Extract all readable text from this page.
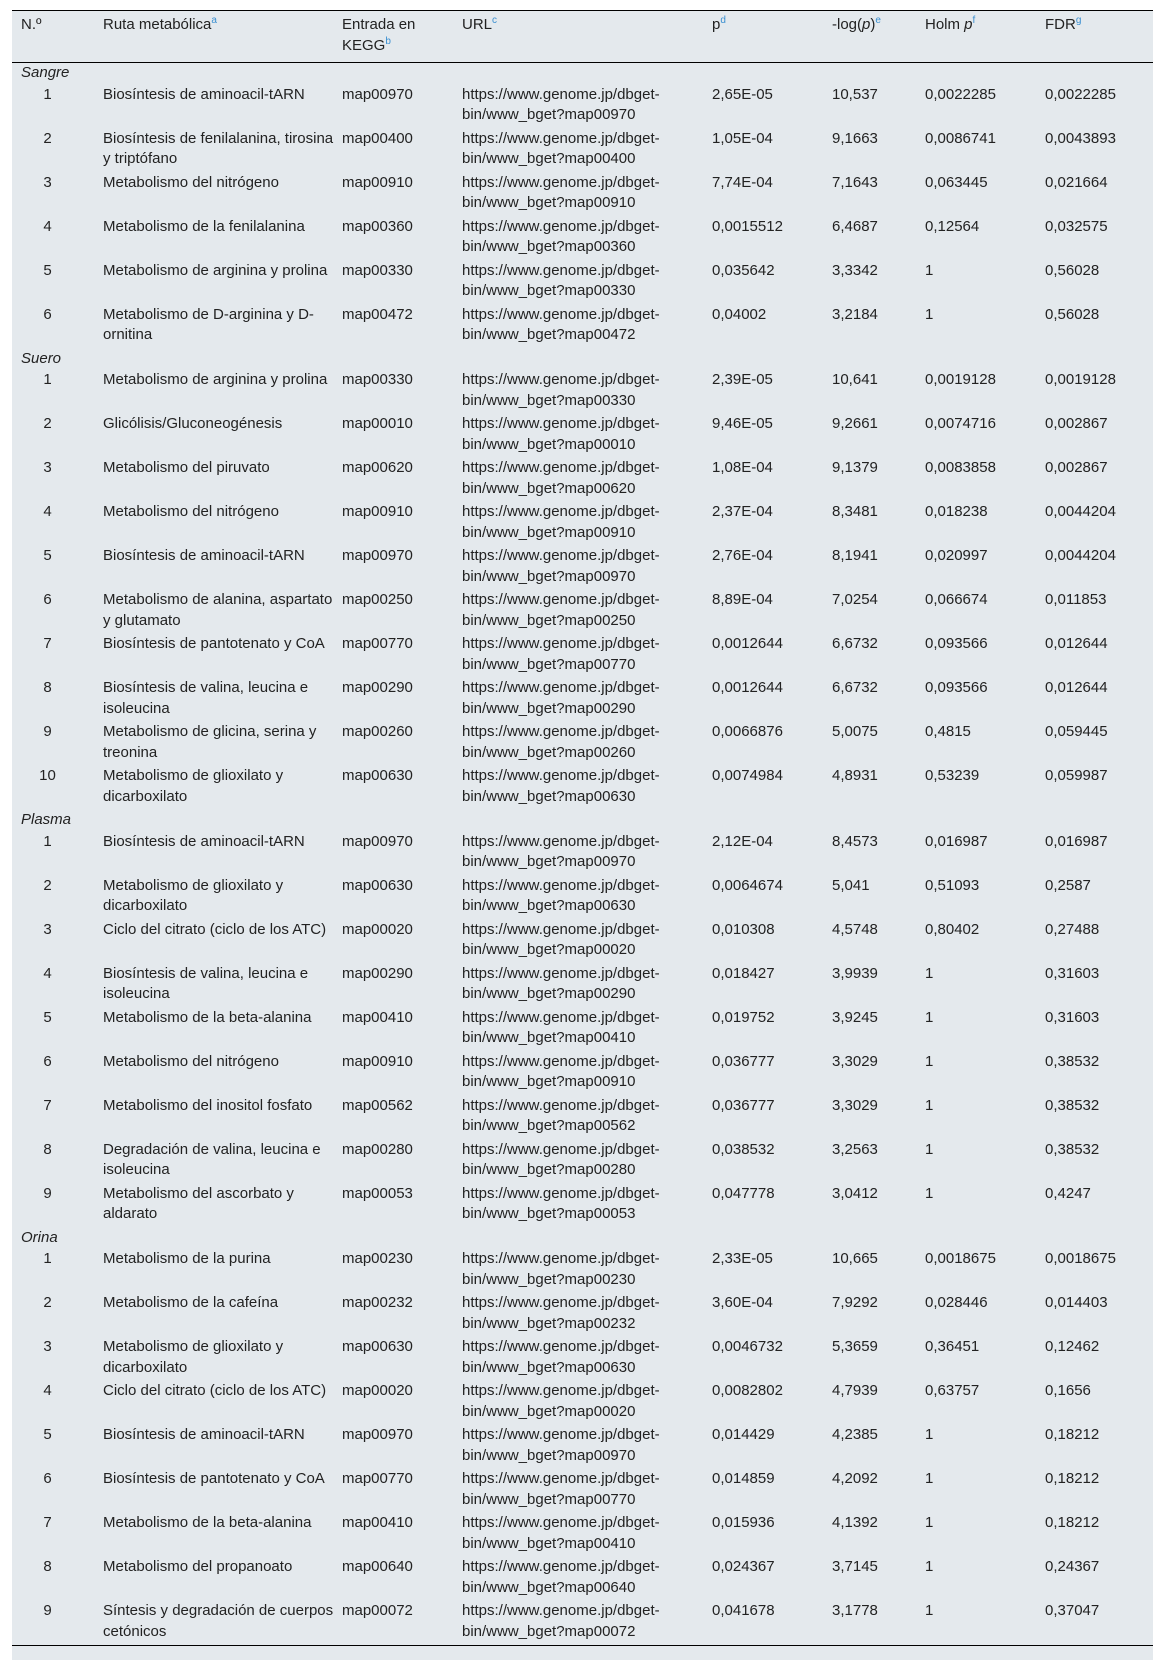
N.º	Ruta metabólica$^a$	Entrada en
KEGG$^b$	URL$^c$	$p^d$	$-\log(p)^e$	Holm $p^f$	FDR$^g$
Sangre							
1	Biosíntesis de aminoacil-tARN	map00970	https://www.genome.jp/dbget-bin/www_bget?map00970	2,65E-05	10,537	0,0022285	0,0022285
2	Biosíntesis de fenilalanina, tirosina y triptófano	map00400	https://www.genome.jp/dbget-bin/www_bget?map00400	1,05E-04	9,1663	0,0086741	0,0043893
3	Metabolismo del nitrógeno	map00910	https://www.genome.jp/dbget-bin/www_bget?map00910	7,74E-04	7,1643	0,063445	0,021664
4	Metabolismo de la fenilalanina	map00360	https://www.genome.jp/dbget-bin/www_bget?map00360	0,0015512	6,4687	0,12564	0,032575
5	Metabolismo de arginina y prolina	map00330	https://www.genome.jp/dbget-bin/www_bget?map00330	0,035642	3,3342	1	0,56028
6	Metabolismo de D-arginina y D-ornitina	map00472	https://www.genome.jp/dbget-bin/www_bget?map00472	0,04002	3,2184	1	0,56028
Suero							
1	Metabolismo de arginina y prolina	map00330	https://www.genome.jp/dbget-bin/www_bget?map00330	2,39E-05	10,641	0,0019128	0,0019128
2	Glicólisis/Gluconeogénesis	map00010	https://www.genome.jp/dbget-bin/www_bget?map00010	9,46E-05	9,2661	0,0074716	0,002867
3	Metabolismo del piruvato	map00620	https://www.genome.jp/dbget-bin/www_bget?map00620	1,08E-04	9,1379	0,0083858	0,002867
4	Metabolismo del nitrógeno	map00910	https://www.genome.jp/dbget-bin/www_bget?map00910	2,37E-04	8,3481	0,018238	0,0044204
5	Biosíntesis de aminoacil-tARN	map00970	https://www.genome.jp/dbget-bin/www_bget?map00970	2,76E-04	8,1941	0,020997	0,0044204
6	Metabolismo de alanina, aspartato y glutamato	map00250	https://www.genome.jp/dbget-bin/www_bget?map00250	8,89E-04	7,0254	0,066674	0,011853
7	Biosíntesis de pantotenato y CoA	map00770	https://www.genome.jp/dbget-bin/www_bget?map00770	0,0012644	6,6732	0,093566	0,012644
8	Biosíntesis de valina, leucina e isoleucina	map00290	https://www.genome.jp/dbget-bin/www_bget?map00290	0,0012644	6,6732	0,093566	0,012644
9	Metabolismo de glicina, serina y treonina	map00260	https://www.genome.jp/dbget-bin/www_bget?map00260	0,0066876	5,0075	0,4815	0,059445
10	Metabolismo de glioxilato y dicarboxilato	map00630	https://www.genome.jp/dbget-bin/www_bget?map00630	0,0074984	4,8931	0,53239	0,059987
Plasma							
1	Biosíntesis de aminoacil-tARN	map00970	https://www.genome.jp/dbget-bin/www_bget?map00970	2,12E-04	8,4573	0,016987	0,016987
2	Metabolismo de glioxilato y dicarboxilato	map00630	https://www.genome.jp/dbget-bin/www_bget?map00630	0,0064674	5,041	0,51093	0,2587
3	Ciclo del citrato (ciclo de los ATC)	map00020	https://www.genome.jp/dbget-bin/www_bget?map00020	0,010308	4,5748	0,80402	0,27488
4	Biosíntesis de valina, leucina e isoleucina	map00290	https://www.genome.jp/dbget-bin/www_bget?map00290	0,018427	3,9939	1	0,31603
5	Metabolismo de la beta-alanina	map00410	https://www.genome.jp/dbget-bin/www_bget?map00410	0,019752	3,9245	1	0,31603
6	Metabolismo del nitrógeno	map00910	https://www.genome.jp/dbget-bin/www_bget?map00910	0,036777	3,3029	1	0,38532
7	Metabolismo del inositol fosfato	map00562	https://www.genome.jp/dbget-bin/www_bget?map00562	0,036777	3,3029	1	0,38532
8	Degradación de valina, leucina e isoleucina	map00280	https://www.genome.jp/dbget-bin/www_bget?map00280	0,038532	3,2563	1	0,38532
9	Metabolismo del ascorbato y aldarato	map00053	https://www.genome.jp/dbget-bin/www_bget?map00053	0,047778	3,0412	1	0,4247
Orina							
1	Metabolismo de la purina	map00230	https://www.genome.jp/dbget-bin/www_bget?map00230	2,33E-05	10,665	0,0018675	0,0018675
2	Metabolismo de la cafeína	map00232	https://www.genome.jp/dbget-bin/www_bget?map00232	3,60E-04	7,9292	0,028446	0,014403
3	Metabolismo de glioxilato y dicarboxilato	map00630	https://www.genome.jp/dbget-bin/www_bget?map00630	0,0046732	5,3659	0,36451	0,12462
4	Ciclo del citrato (ciclo de los ATC)	map00020	https://www.genome.jp/dbget-bin/www_bget?map00020	0,0082802	4,7939	0,63757	0,1656
5	Biosíntesis de aminoacil-tARN	map00970	https://www.genome.jp/dbget-bin/www_bget?map00970	0,014429	4,2385	1	0,18212
6	Biosíntesis de pantotenato y CoA	map00770	https://www.genome.jp/dbget-bin/www_bget?map00770	0,014859	4,2092	1	0,18212
7	Metabolismo de la beta-alanina	map00410	https://www.genome.jp/dbget-bin/www_bget?map00410	0,015936	4,1392	1	0,18212
8	Metabolismo del propanoato	map00640	https://www.genome.jp/dbget-bin/www_bget?map00640	0,024367	3,7145	1	0,24367
9	Síntesis y degradación de cuerpos cetónicos	map00072	https://www.genome.jp/dbget-bin/www_bget?map00072	0,041678	3,1778	1	0,37047
